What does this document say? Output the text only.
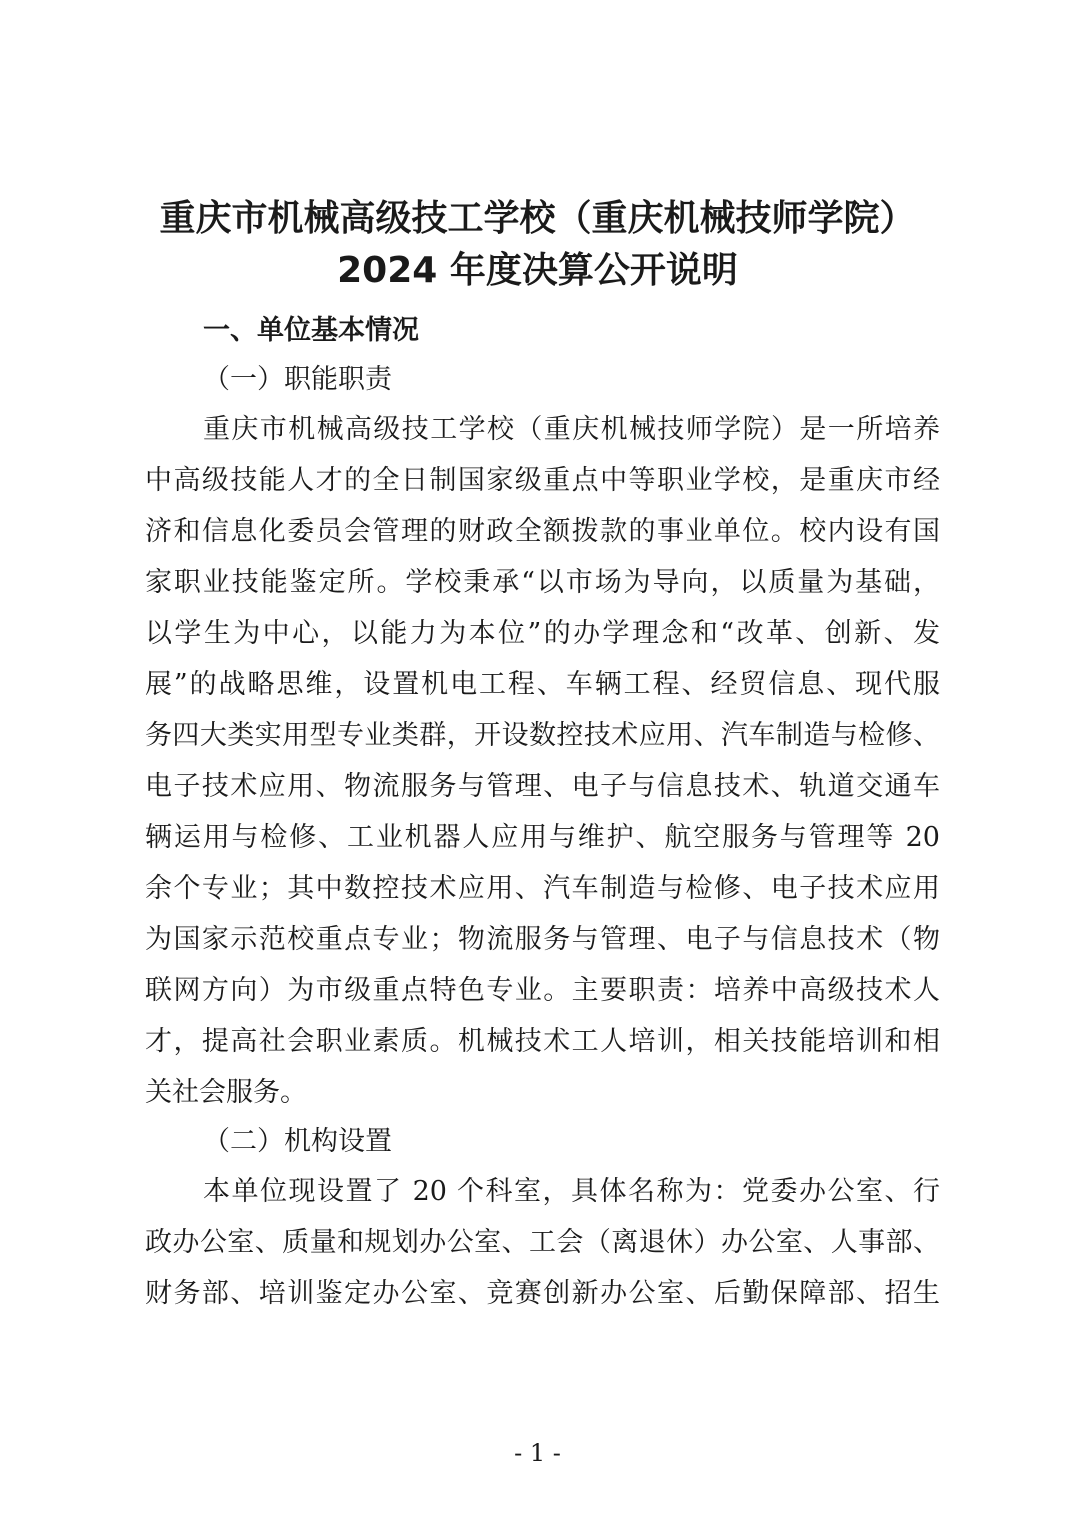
重庆市机械高级技工学校（重庆机械技师学院）
2024 年度决算公开说明
一、单位基本情况
（一）职能职责
重庆市机械高级技工学校（重庆机械技师学院）是一所培养
中高级技能人才的全日制国家级重点中等职业学校，是重庆市经
济和信息化委员会管理的财政全额拨款的事业单位。校内设有国
家职业技能鉴定所。学校秉承“以市场为导向，以质量为基础，
以学生为中心，以能力为本位”的办学理念和“改革、创新、发
展”的战略思维，设置机电工程、车辆工程、经贸信息、现代服
务四大类实用型专业类群，开设数控技术应用、汽车制造与检修、
电子技术应用、物流服务与管理、电子与信息技术、轨道交通车
辆运用与检修、工业机器人应用与维护、航空服务与管理等 20
余个专业；其中数控技术应用、汽车制造与检修、电子技术应用
为国家示范校重点专业；物流服务与管理、电子与信息技术（物
联网方向）为市级重点特色专业。主要职责：培养中高级技术人
才，提高社会职业素质。机械技术工人培训，相关技能培训和相
关社会服务。
（二）机构设置
本单位现设置了 20 个科室，具体名称为：党委办公室、行
政办公室、质量和规划办公室、工会（离退休）办公室、人事部、
财务部、培训鉴定办公室、竞赛创新办公室、后勤保障部、招生
- 1 -
